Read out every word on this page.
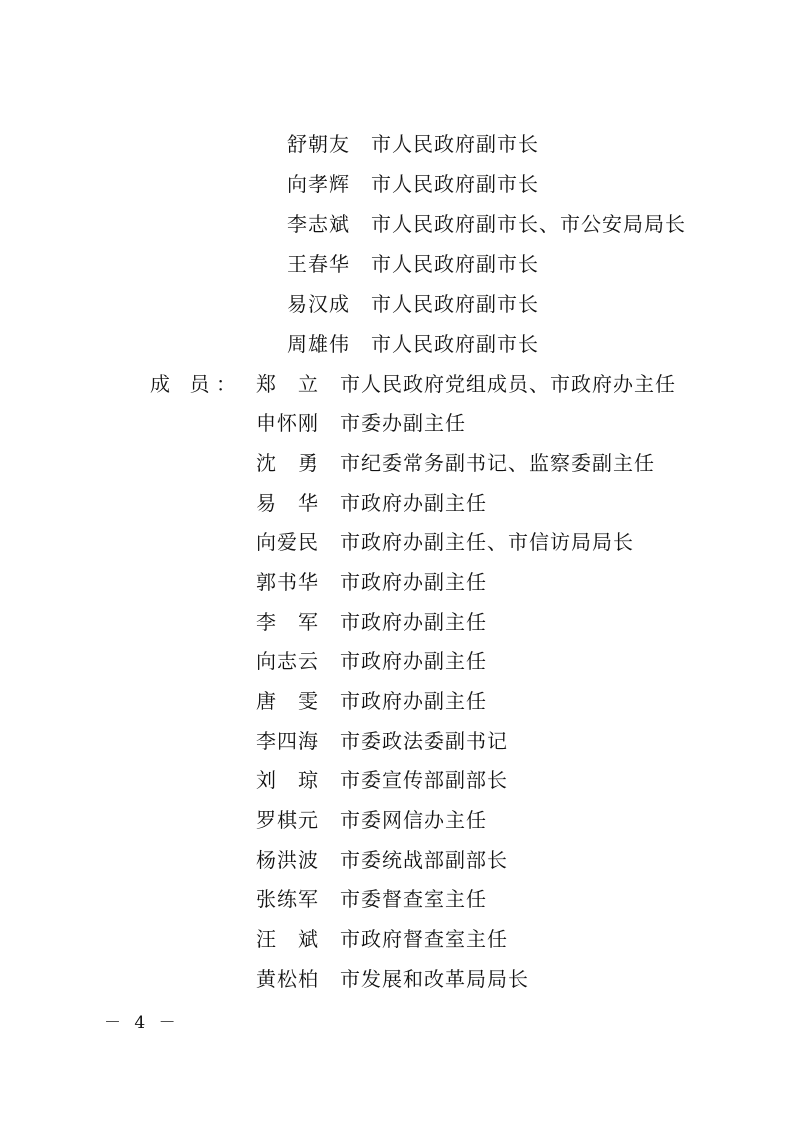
舒朝友 市人民政府副市长
向孝辉 市人民政府副市长
李志斌 市人民政府副市长、市公安局局长
王春华 市人民政府副市长
易汉成 市人民政府副市长
周雄伟 市人民政府副市长
成 员： 郑 立 市人民政府党组成员、市政府办主任
申怀刚 市委办副主任
沈 勇 市纪委常务副书记、监察委副主任
易 华 市政府办副主任
向爱民 市政府办副主任、市信访局局长
郭书华 市政府办副主任
李 军 市政府办副主任
向志云 市政府办副主任
唐 雯 市政府办副主任
李四海 市委政法委副书记
刘 琼 市委宣传部副部长
罗棋元 市委网信办主任
杨洪波 市委统战部副部长
张练军 市委督查室主任
汪 斌 市政府督查室主任
黄松柏 市发展和改革局局长
－ 4 －
